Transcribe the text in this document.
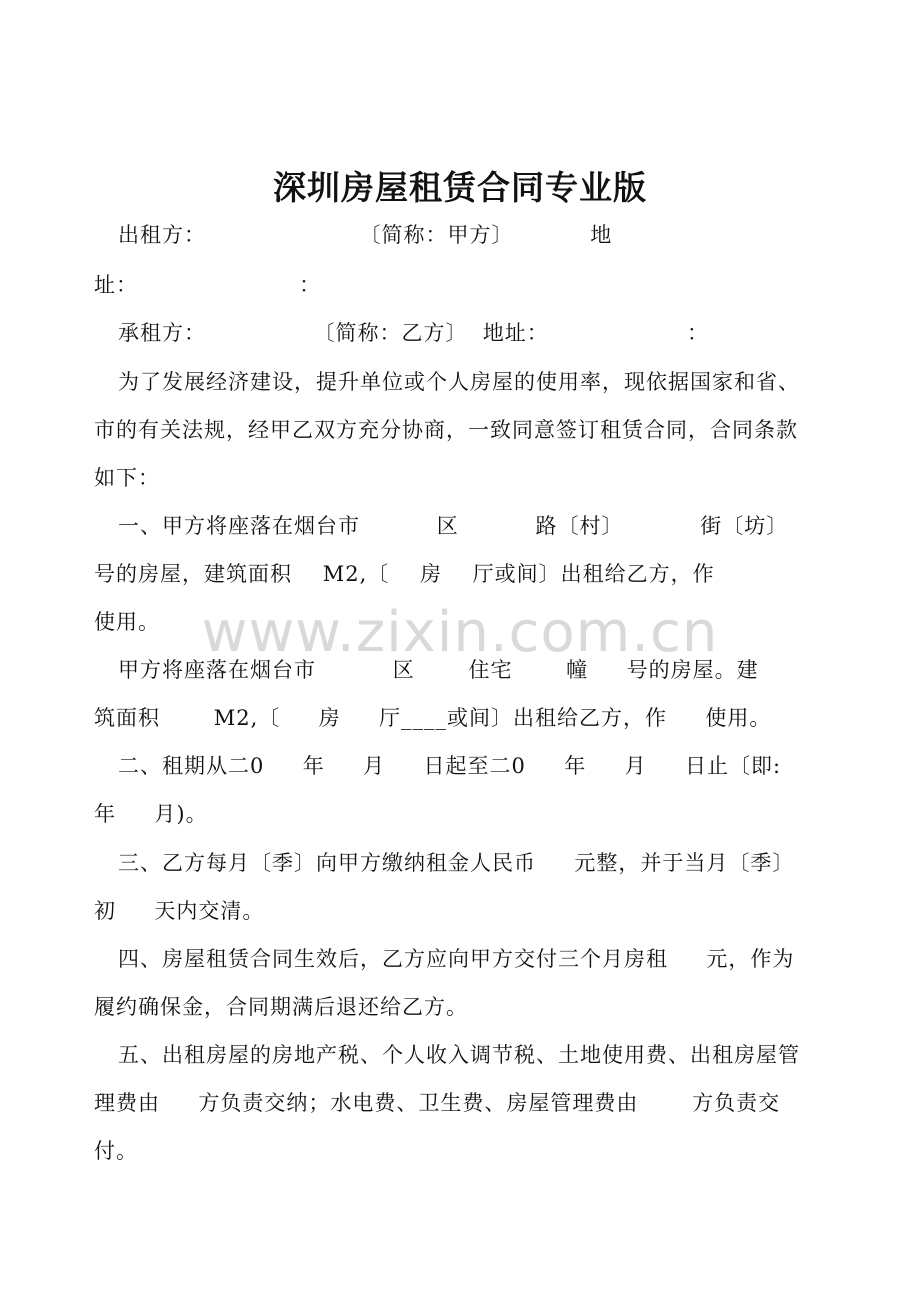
深圳房屋租赁合同专业版
出租方：                    〔简称：甲方〕          地
址：                     ：
承租方：              〔简称：乙方〕  地址：                  ：
为了发展经济建设，提升单位或个人房屋的使用率，现依据国家和省、
市的有关法规，经甲乙双方充分协商，一致同意签订租赁合同，合同条款
如下：
一、甲方将座落在烟台市          区          路〔村〕          街〔坊〕
号的房屋，建筑面积    M2,〔    房    厅或间〕出租给乙方，作
使用。
甲方将座落在烟台市          区       住宅       幢     号的房屋。建
筑面积       M2,〔     房     厅____或间〕出租给乙方，作     使用。
二、租期从二0     年     月     日起至二0     年     月     日止〔即:
年     月)。
三、乙方每月〔季〕向甲方缴纳租金人民币     元整，并于当月〔季〕
初     天内交清。
四、房屋租赁合同生效后，乙方应向甲方交付三个月房租     元，作为
履约确保金，合同期满后退还给乙方。
五、出租房屋的房地产税、个人收入调节税、土地使用费、出租房屋管
理费由     方负责交纳；水电费、卫生费、房屋管理费由       方负责交
付。
www.zixin.com.cn
